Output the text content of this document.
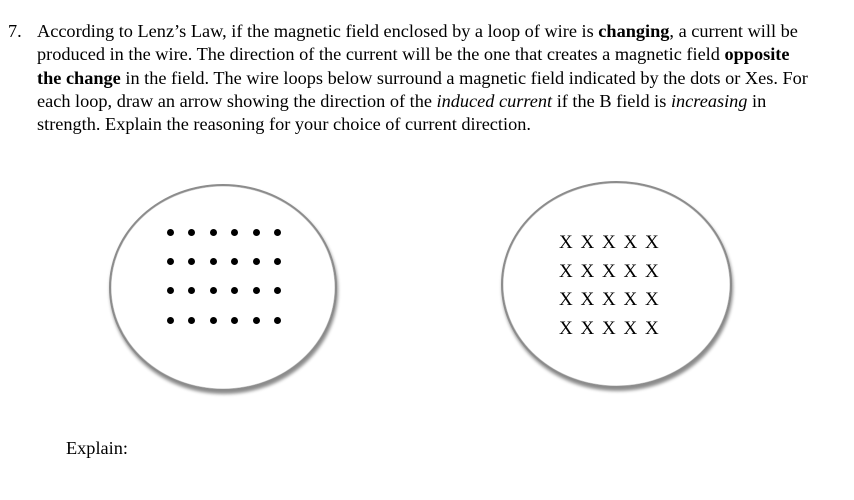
7. According to Lenz’s Law, if the magnetic field enclosed by a loop of wire is changing, a current will be produced in the wire. The direction of the current will be the one that creates a magnetic field opposite the change in the field. The wire loops below surround a magnetic field indicated by the dots or Xes. For each loop, draw an arrow showing the direction of the induced current if the B field is increasing in strength. Explain the reasoning for your choice of current direction.
X X X X X
X X X X X
X X X X X
X X X X X
Explain:
